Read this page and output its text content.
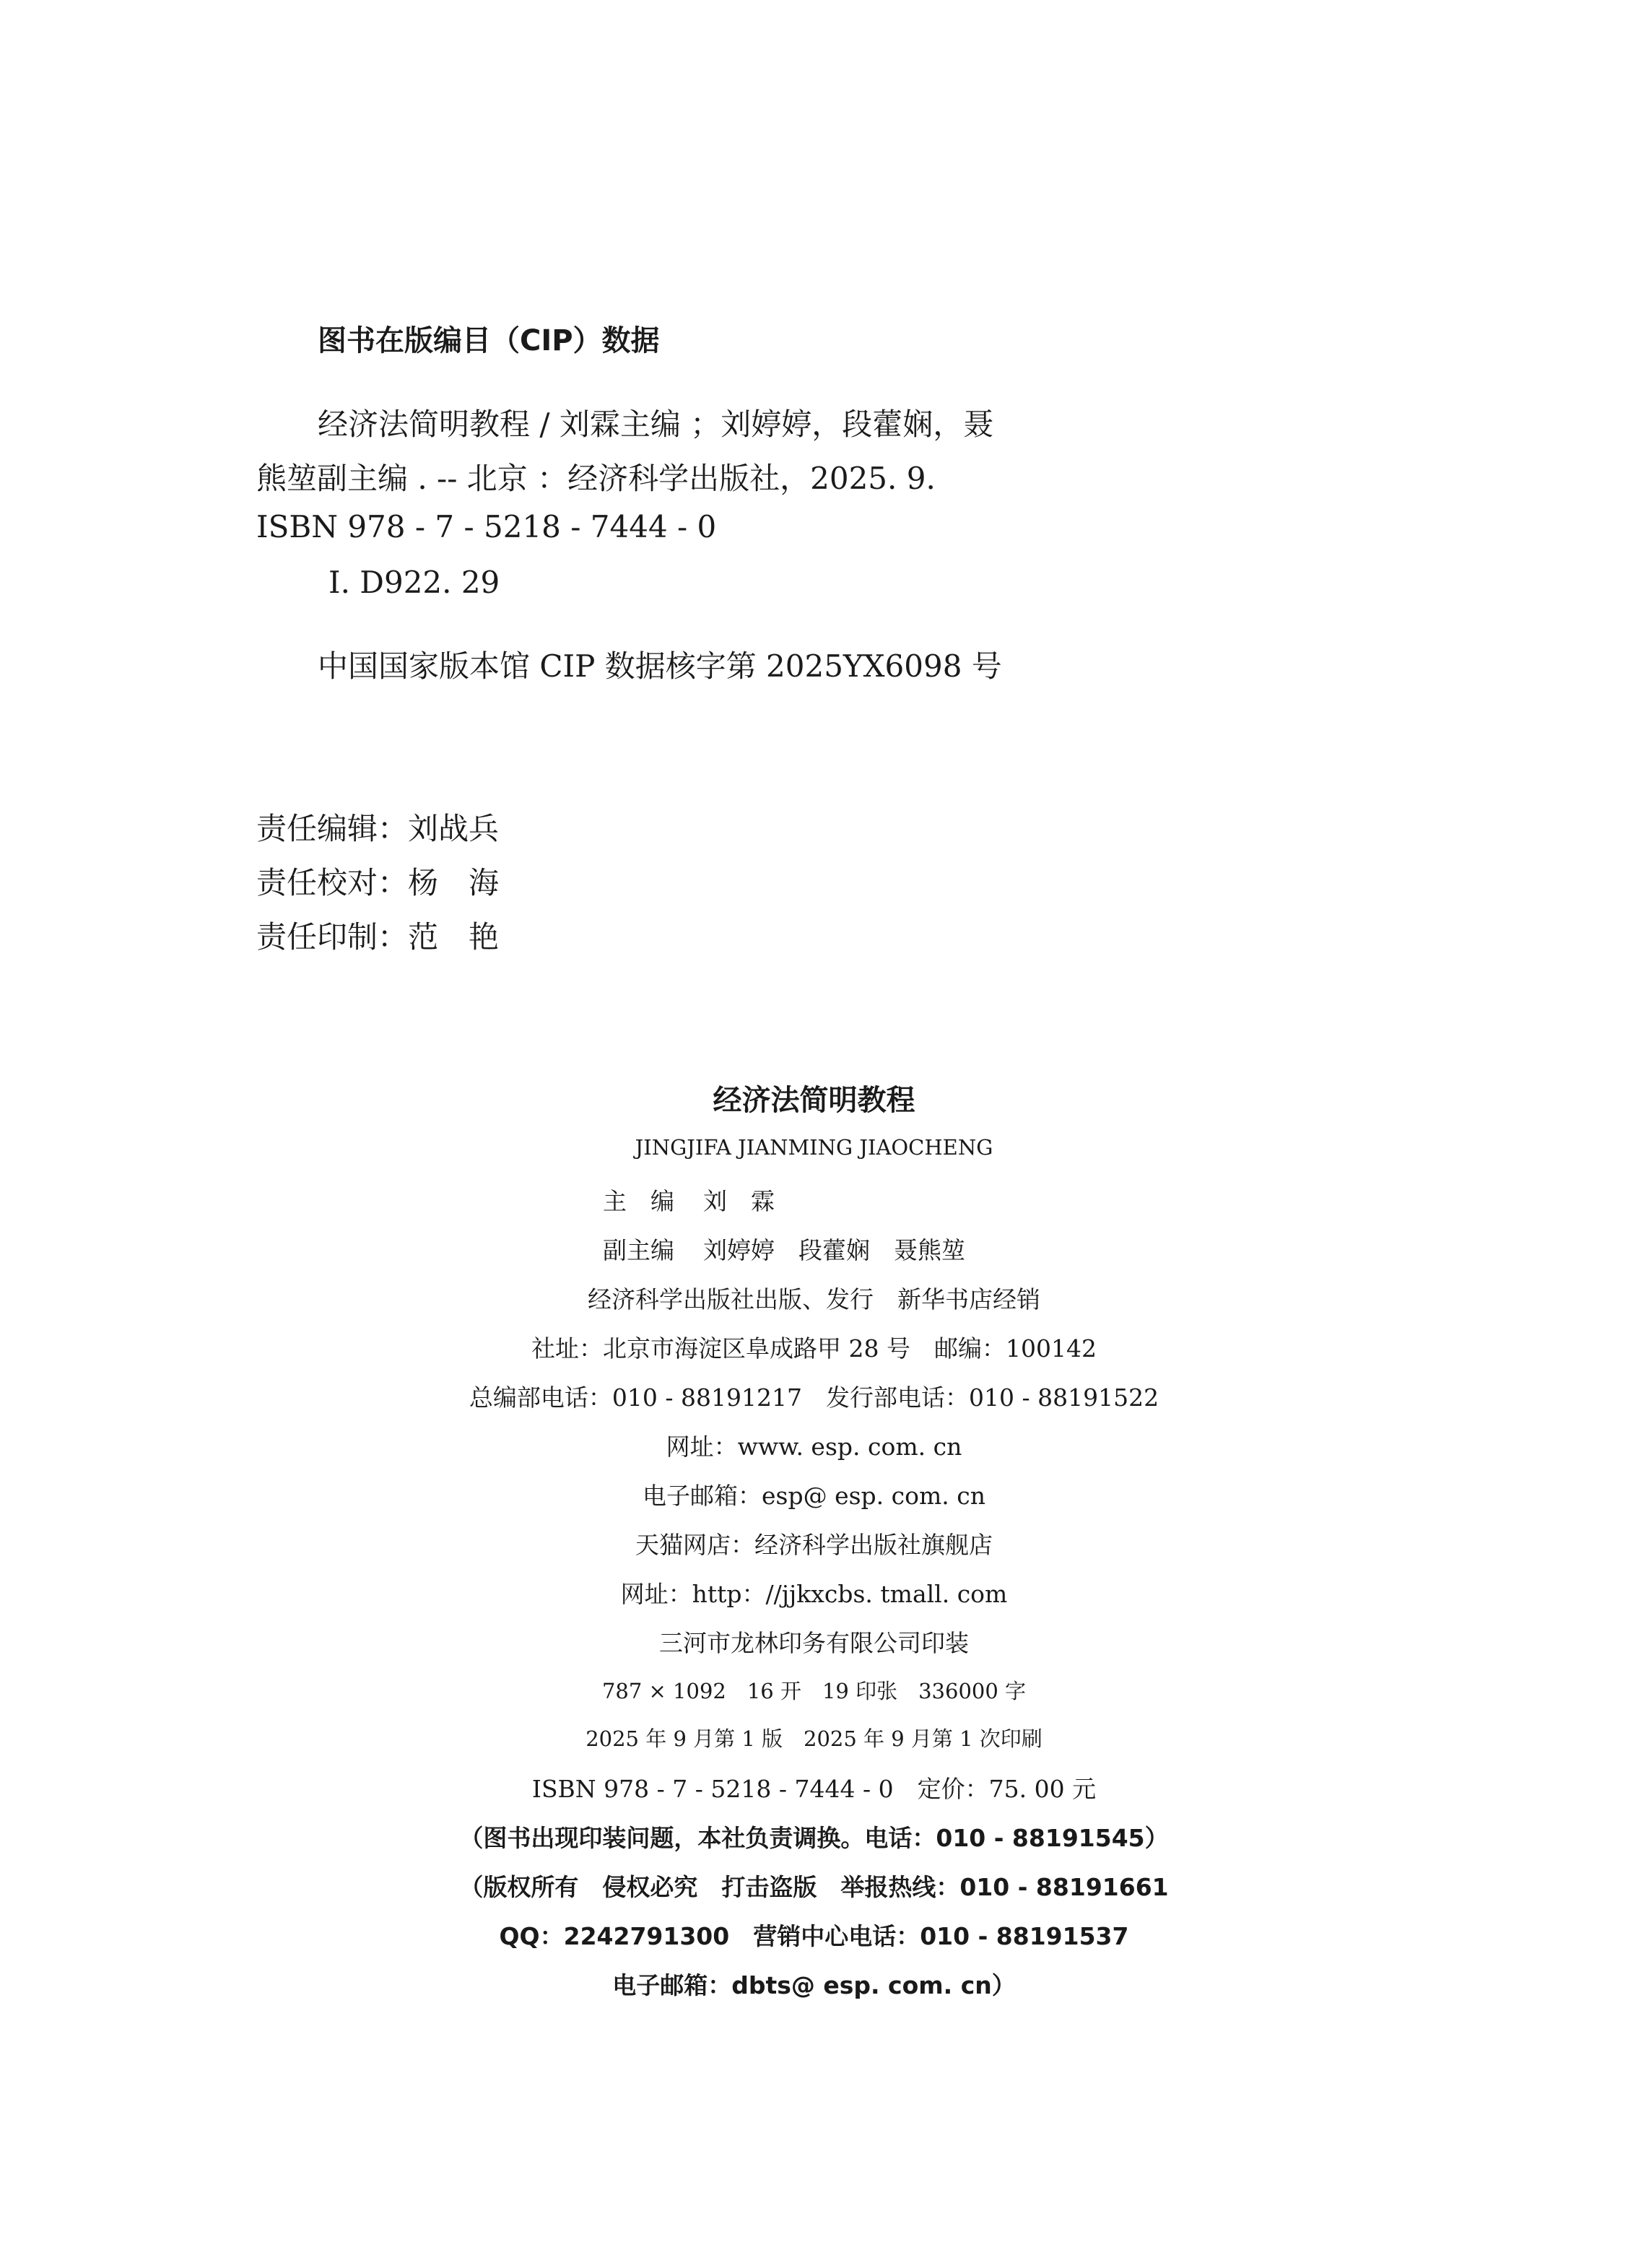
图书在版编目（CIP）数据
经济法简明教程 / 刘霖主编 ；刘婷婷，段藿娴，聂
熊堃副主编 . -- 北京 ：经济科学出版社，2025. 9.
ISBN 978 - 7 - 5218 - 7444 - 0
Ⅰ. D922. 29
中国国家版本馆 CIP 数据核字第 2025YX6098 号
责任编辑：刘战兵
责任校对：杨　海
责任印制：范　艳
经济法简明教程
JINGJIFA JIANMING JIAOCHENG
主　编 刘　霖
副主编 刘婷婷　段藿娴　聂熊堃
经济科学出版社出版、发行　新华书店经销
社址：北京市海淀区阜成路甲 28 号　邮编：100142
总编部电话：010 - 88191217　发行部电话：010 - 88191522
网址：www. esp. com. cn
电子邮箱：esp@ esp. com. cn
天猫网店：经济科学出版社旗舰店
网址：http：//jjkxcbs. tmall. com
三河市龙林印务有限公司印装
787 × 1092　16 开　19 印张　336000 字
2025 年 9 月第 1 版　2025 年 9 月第 1 次印刷
ISBN 978 - 7 - 5218 - 7444 - 0　定价：75. 00 元
（图书出现印装问题，本社负责调换。电话：010 - 88191545）
（版权所有　侵权必究　打击盗版　举报热线：010 - 88191661
QQ：2242791300　营销中心电话：010 - 88191537
电子邮箱：dbts@ esp. com. cn）
